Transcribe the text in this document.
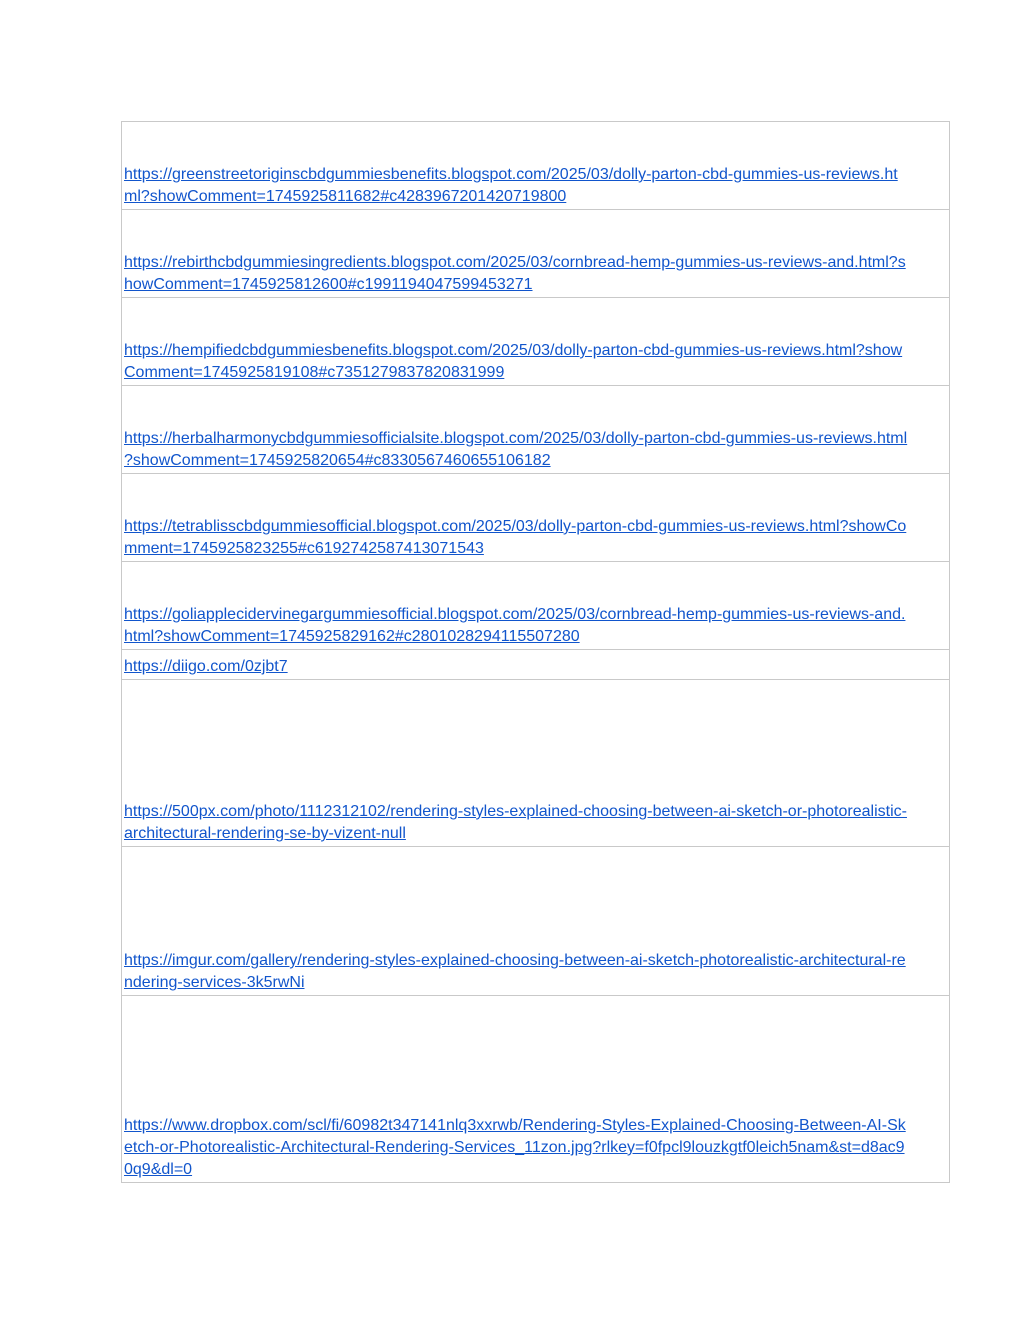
https://greenstreetoriginscbdgummiesbenefits.blogspot.com/2025/03/dolly-parton-cbd-gummies-us-reviews.ht
ml?showComment=1745925811682#c4283967201420719800

https://rebirthcbdgummiesingredients.blogspot.com/2025/03/cornbread-hemp-gummies-us-reviews-and.html?s
howComment=1745925812600#c1991194047599453271

https://hempifiedcbdgummiesbenefits.blogspot.com/2025/03/dolly-parton-cbd-gummies-us-reviews.html?show
Comment=1745925819108#c7351279837820831999

https://herbalharmonycbdgummiesofficialsite.blogspot.com/2025/03/dolly-parton-cbd-gummies-us-reviews.html
?showComment=1745925820654#c8330567460655106182

https://tetrablisscbdgummiesofficial.blogspot.com/2025/03/dolly-parton-cbd-gummies-us-reviews.html?showCo
mment=1745925823255#c6192742587413071543

https://goliapplecidervinegargummiesofficial.blogspot.com/2025/03/cornbread-hemp-gummies-us-reviews-and.
html?showComment=1745925829162#c2801028294115507280

https://diigo.com/0zjbt7

https://500px.com/photo/1112312102/rendering-styles-explained-choosing-between-ai-sketch-or-photorealistic-
architectural-rendering-se-by-vizent-null

https://imgur.com/gallery/rendering-styles-explained-choosing-between-ai-sketch-photorealistic-architectural-re
ndering-services-3k5rwNi

https://www.dropbox.com/scl/fi/60982t347141nlq3xxrwb/Rendering-Styles-Explained-Choosing-Between-AI-Sk
etch-or-Photorealistic-Architectural-Rendering-Services_11zon.jpg?rlkey=f0fpcl9louzkgtf0leich5nam&st=d8ac9
0q9&dl=0
